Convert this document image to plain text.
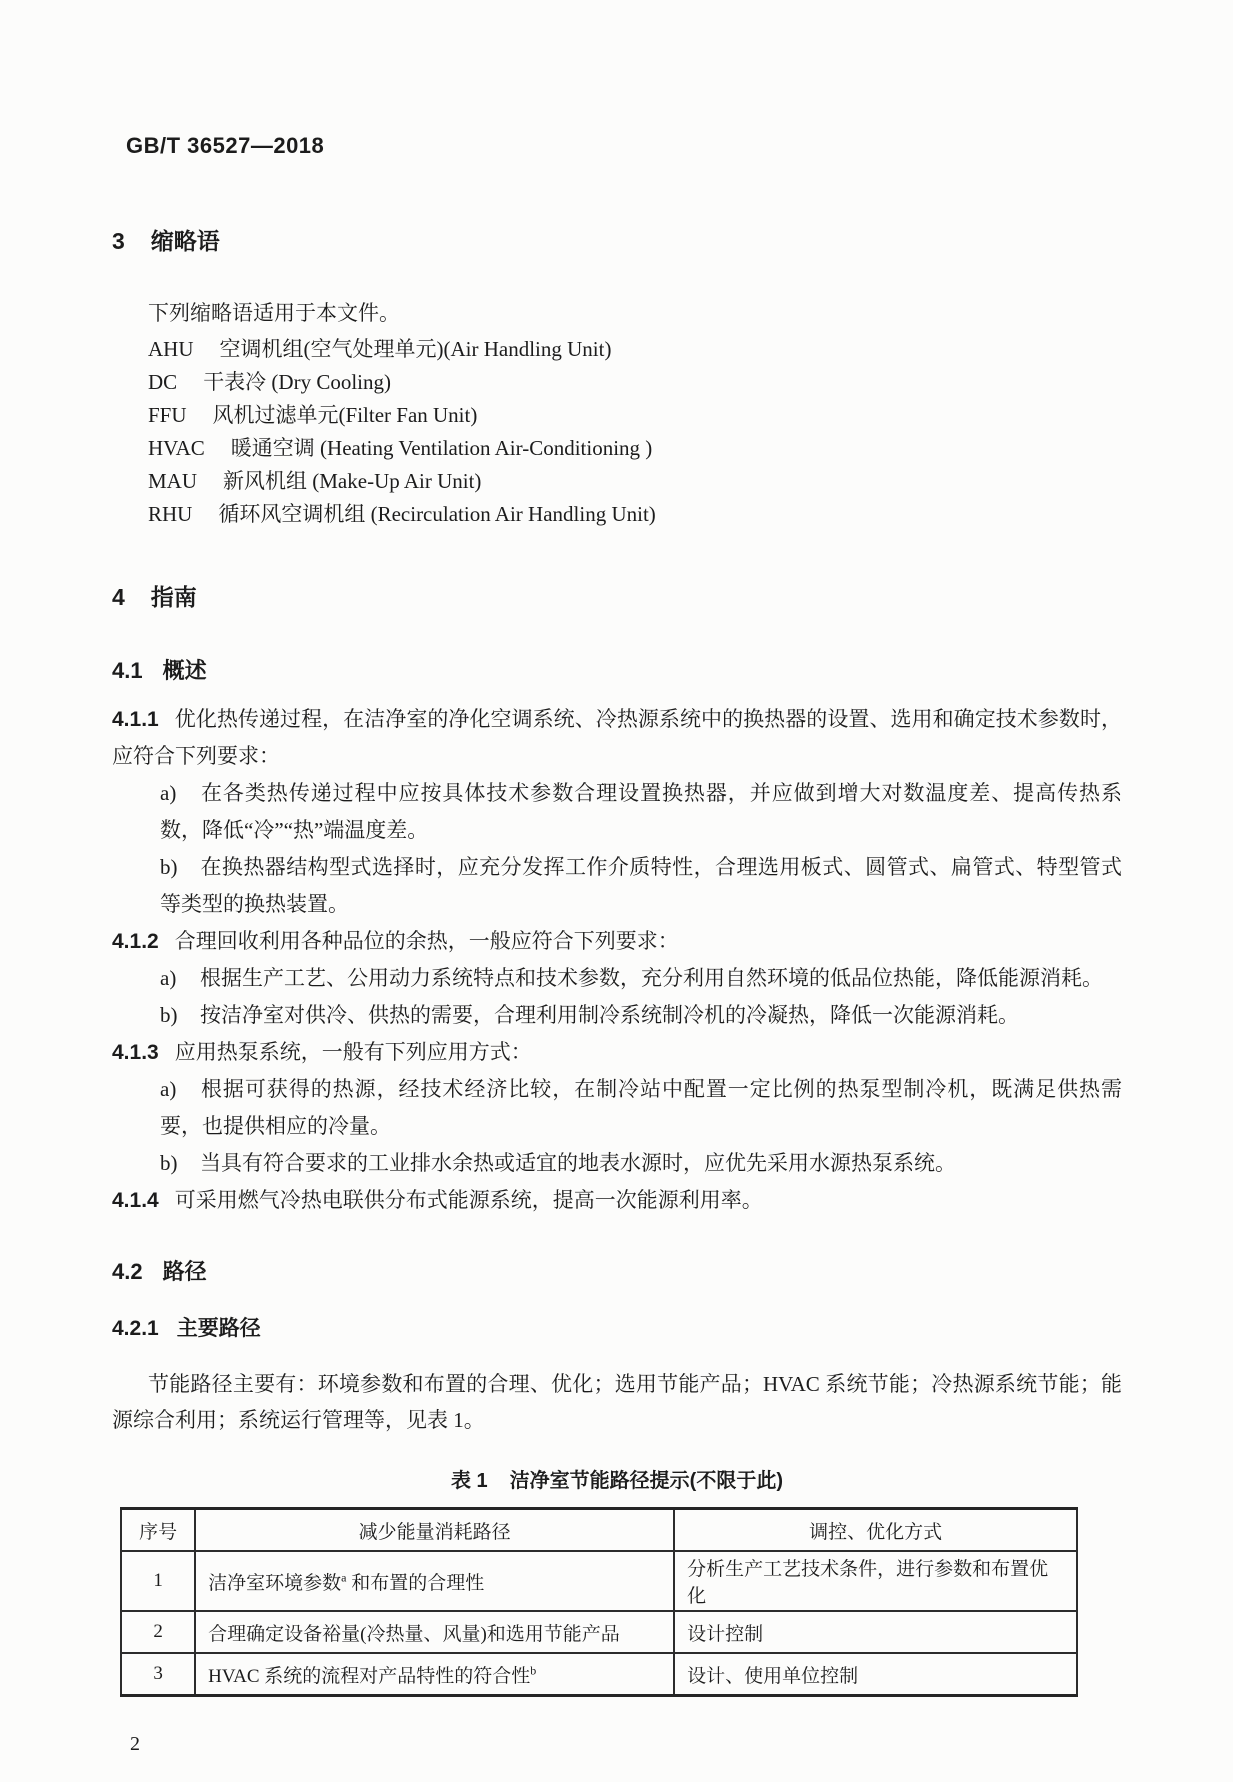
GB/T 36527—2018
3 缩略语

下列缩略语适用于本文件。

AHU 空调机组(空气处理单元)(Air Handling Unit)
DC 干表冷 (Dry Cooling)
FFU 风机过滤单元(Filter Fan Unit)
HVAC 暖通空调 (Heating Ventilation Air-Conditioning )
MAU 新风机组 (Make-Up Air Unit)
RHU 循环风空调机组 (Recirculation Air Handling Unit)
4 指南
4.1 概述

4.1.1 优化热传递过程，在洁净室的净化空调系统、冷热源系统中的换热器的设置、选用和确定技术参数时，应符合下列要求：

a) 在各类热传递过程中应按具体技术参数合理设置换热器，并应做到增大对数温度差、提高传热系数，降低“冷”“热”端温度差。

b) 在换热器结构型式选择时，应充分发挥工作介质特性，合理选用板式、圆管式、扁管式、特型管式等类型的换热装置。

4.1.2 合理回收利用各种品位的余热，一般应符合下列要求：

a) 根据生产工艺、公用动力系统特点和技术参数，充分利用自然环境的低品位热能，降低能源消耗。

b) 按洁净室对供冷、供热的需要，合理利用制冷系统制冷机的冷凝热，降低一次能源消耗。

4.1.3 应用热泵系统，一般有下列应用方式：

a) 根据可获得的热源，经技术经济比较，在制冷站中配置一定比例的热泵型制冷机，既满足供热需要，也提供相应的冷量。

b) 当具有符合要求的工业排水余热或适宜的地表水源时，应优先采用水源热泵系统。

4.1.4 可采用燃气冷热电联供分布式能源系统，提高一次能源利用率。

4.2 路径
4.2.1 主要路径

节能路径主要有：环境参数和布置的合理、优化；选用节能产品；HVAC 系统节能；冷热源系统节能；能源综合利用；系统运行管理等，见表 1。

表 1 洁净室节能路径提示(不限于此)
序号	减少能量消耗路径	调控、优化方式
1	洁净室环境参数$^a$ 和布置的合理性	分析生产工艺技术条件，进行参数和布置优化
2	合理确定设备裕量(冷热量、风量)和选用节能产品	设计控制
3	HVAC 系统的流程对产品特性的符合性$^b$	设计、使用单位控制
2
